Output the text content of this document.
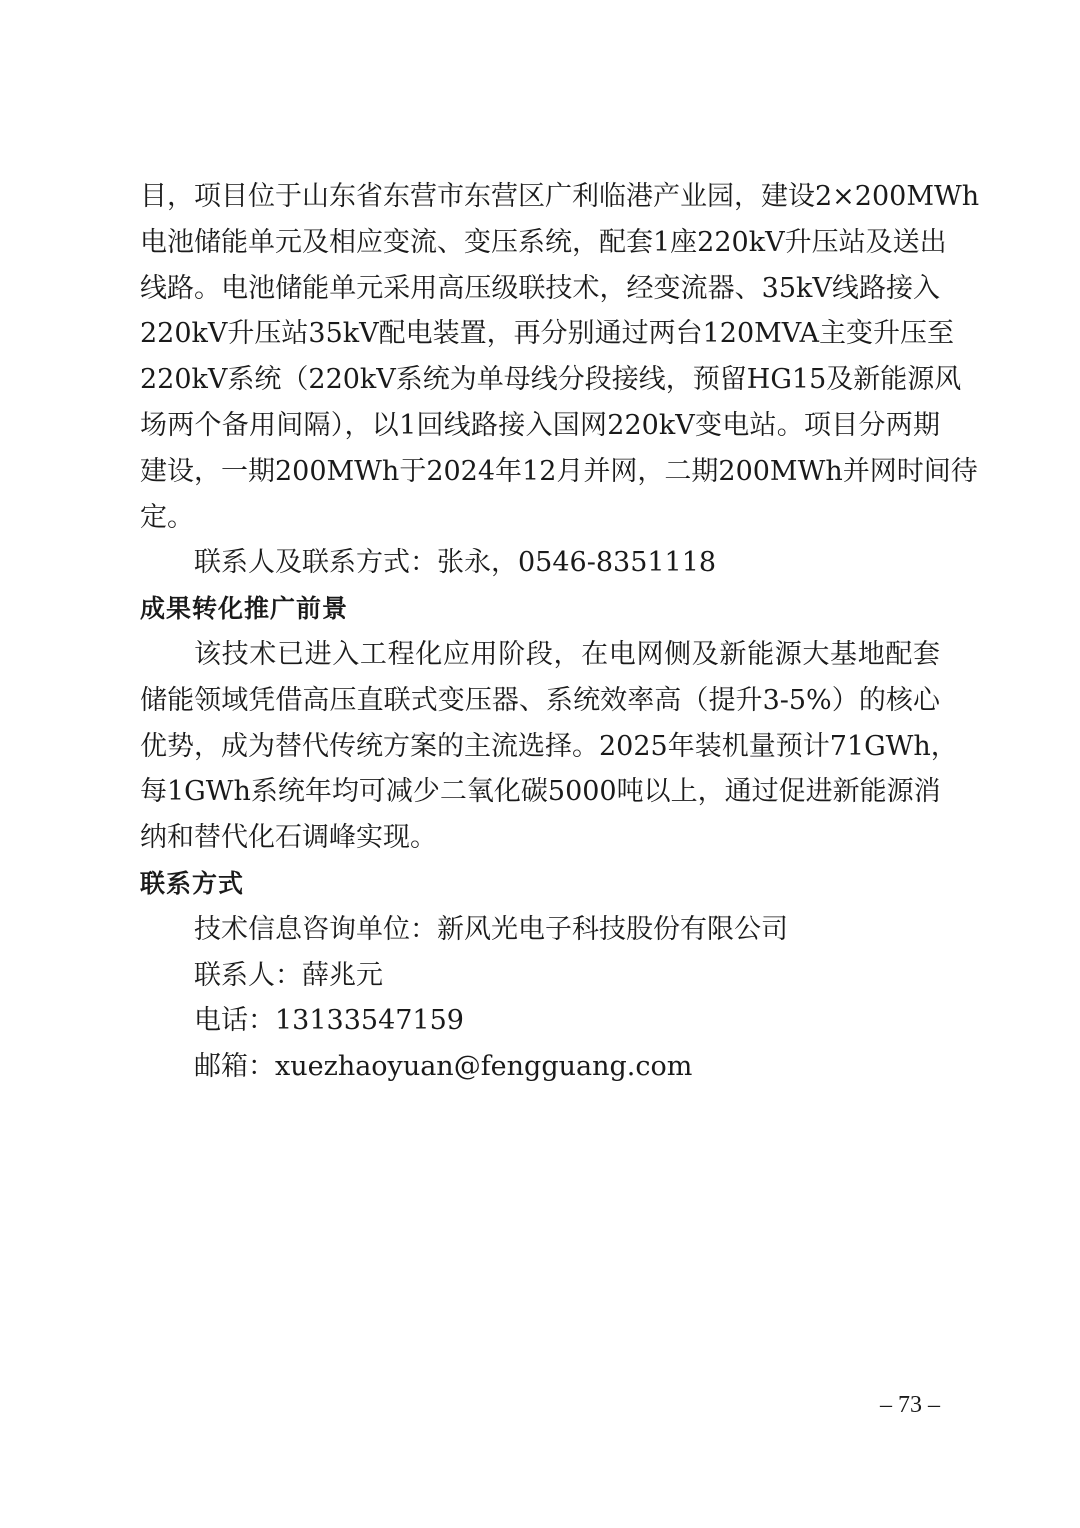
目，项目位于山东省东营市东营区广利临港产业园，建设2×200MWh
电池储能单元及相应变流、变压系统，配套1座220kV升压站及送出
线路。电池储能单元采用高压级联技术，经变流器、35kV线路接入
220kV升压站35kV配电装置，再分别通过两台120MVA主变升压至
220kV系统（220kV系统为单母线分段接线，预留HG15及新能源风
场两个备用间隔），以1回线路接入国网220kV变电站。项目分两期
建设，一期200MWh于2024年12月并网，二期200MWh并网时间待
定。
联系人及联系方式：张永，0546-8351118
成果转化推广前景
该技术已进入工程化应用阶段，在电网侧及新能源大基地配套
储能领域凭借高压直联式变压器、系统效率高（提升3-5%）的核心
优势，成为替代传统方案的主流选择。2025年装机量预计71GWh，
每1GWh系统年均可减少二氧化碳5000吨以上，通过促进新能源消
纳和替代化石调峰实现。
联系方式
技术信息咨询单位：新风光电子科技股份有限公司
联系人：薛兆元
电话：13133547159
邮箱：xuezhaoyuan@fengguang.com
– 73 –
